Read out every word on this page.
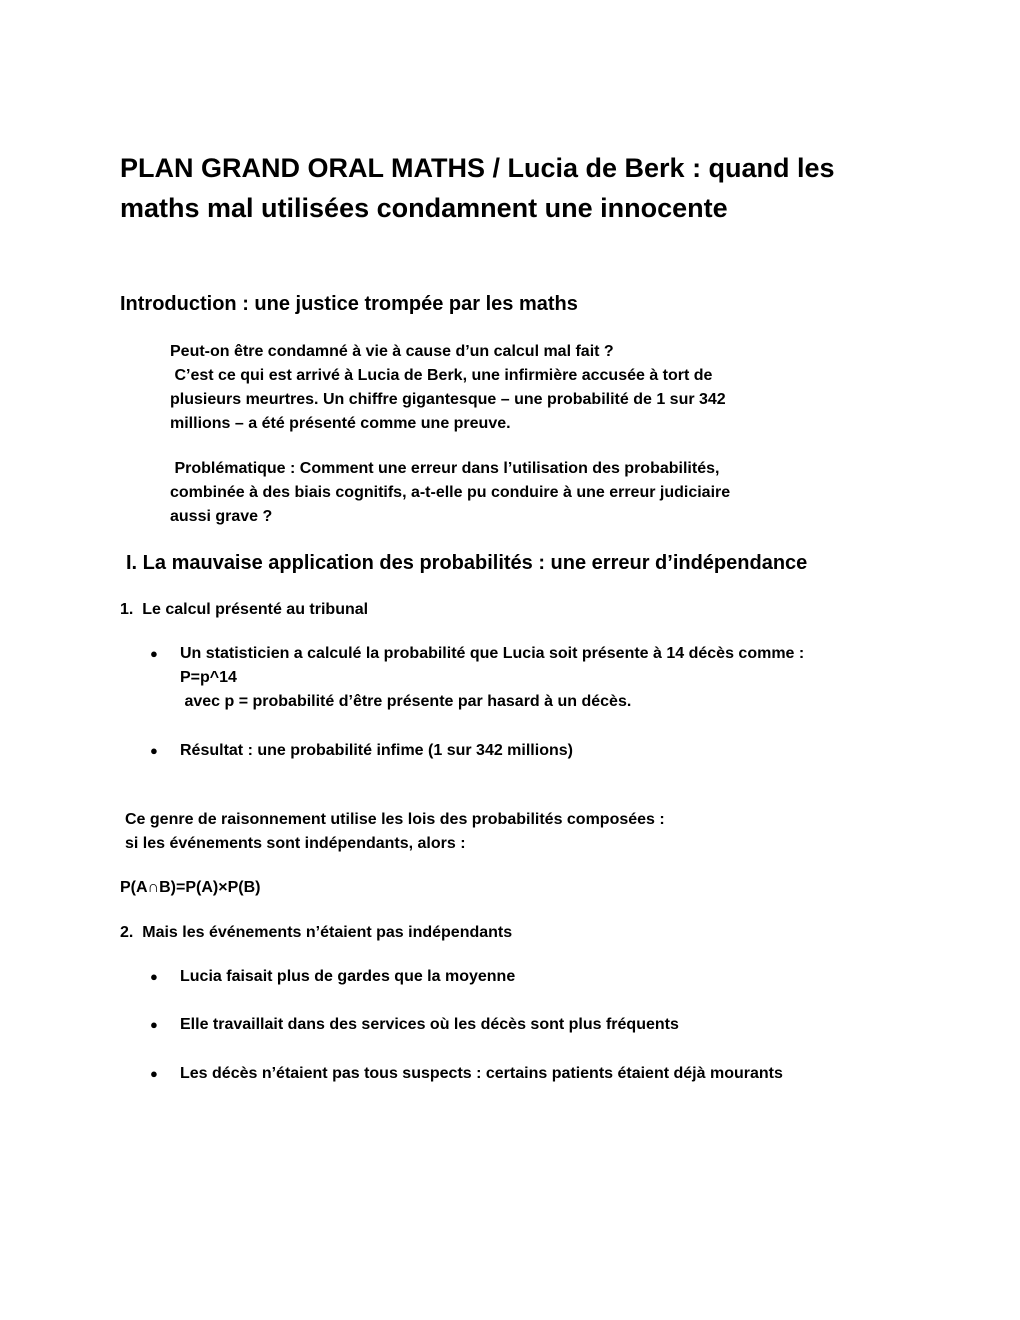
PLAN GRAND ORAL MATHS / Lucia de Berk : quand les
maths mal utilisées condamnent une innocente
Introduction : une justice trompée par les maths
Peut-on être condamné à vie à cause d’un calcul mal fait ?
C’est ce qui est arrivé à Lucia de Berk, une infirmière accusée à tort de
plusieurs meurtres. Un chiffre gigantesque – une probabilité de 1 sur 342
millions – a été présenté comme une preuve.
Problématique : Comment une erreur dans l’utilisation des probabilités,
combinée à des biais cognitifs, a-t-elle pu conduire à une erreur judiciaire
aussi grave ?
I. La mauvaise application des probabilités : une erreur d’indépendance
1.  Le calcul présenté au tribunal
● Un statisticien a calculé la probabilité que Lucia soit présente à 14 décès comme :
P=p^14
avec p = probabilité d’être présente par hasard à un décès.
● Résultat : une probabilité infime (1 sur 342 millions)
Ce genre de raisonnement utilise les lois des probabilités composées :
si les événements sont indépendants, alors :
P(A∩B)=P(A)×P(B)
2.  Mais les événements n’étaient pas indépendants
● Lucia faisait plus de gardes que la moyenne
● Elle travaillait dans des services où les décès sont plus fréquents
● Les décès n’étaient pas tous suspects : certains patients étaient déjà mourants
